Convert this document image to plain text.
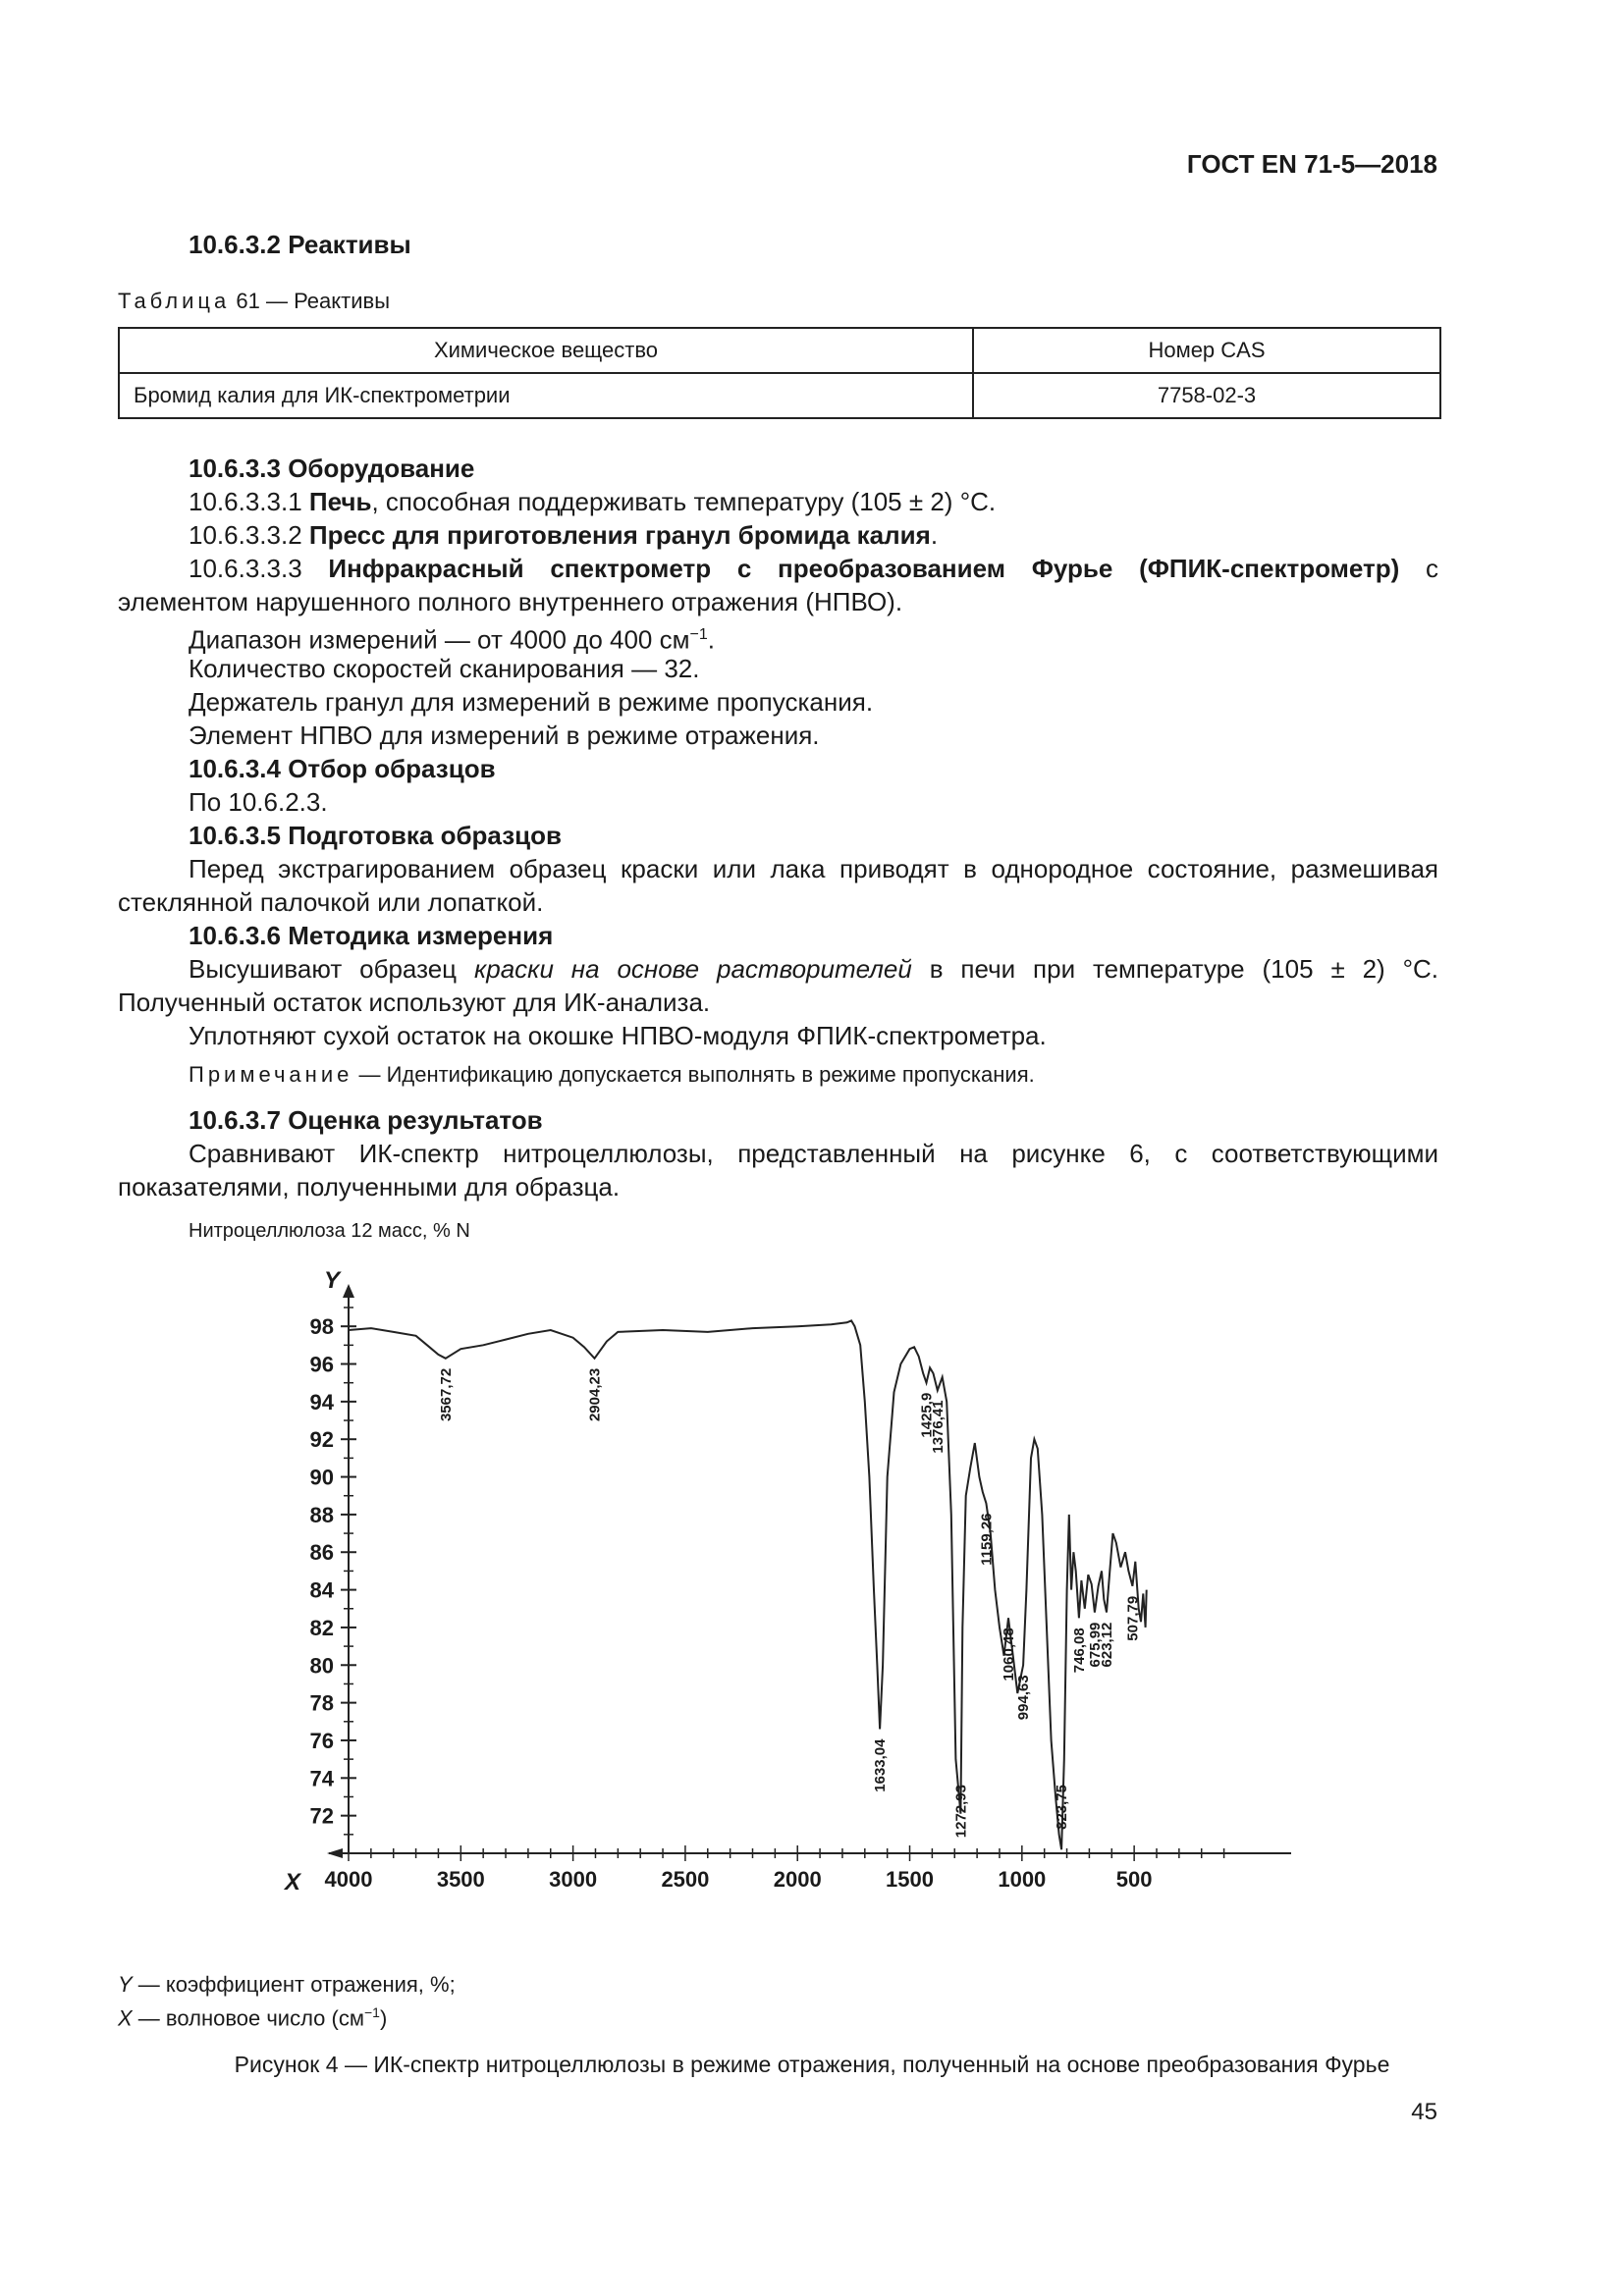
ГОСТ EN 71-5—2018

10.6.3.2 Реактивы

Таблица 61 — Реактивы

Химическое вещество	Номер CAS
Бромид калия для ИК-спектрометрии	7758-02-3

10.6.3.3 Оборудование

10.6.3.3.1 Печь, способная поддерживать температуру (105 ± 2) °С.

10.6.3.3.2 Пресс для приготовления гранул бромида калия.

10.6.3.3.3 Инфракрасный спектрометр с преобразованием Фурье (ФПИК-спектрометр) с элементом нарушенного полного внутреннего отражения (НПВО).

Диапазон измерений — от 4000 до 400 $см^{-1}$.

Количество скоростей сканирования — 32.

Держатель гранул для измерений в режиме пропускания.

Элемент НПВО для измерений в режиме отражения.

10.6.3.4 Отбор образцов

По 10.6.2.3.

10.6.3.5 Подготовка образцов

Перед экстрагированием образец краски или лака приводят в однородное состояние, размешивая стеклянной палочкой или лопаткой.

10.6.3.6 Методика измерения

Высушивают образец краски на основе растворителей в печи при температуре (105 ± 2) °С. Полученный остаток используют для ИК-анализа.

Уплотняют сухой остаток на окошке НПВО-модуля ФПИК-спектрометра.

Примечание — Идентификацию допускается выполнять в режиме пропускания.

10.6.3.7 Оценка результатов

Сравнивают ИК-спектр нитроцеллюлозы, представленный на рисунке 6, с соответствующими показателями, полученными для образца.

Нитроцеллюлоза 12 масс, % N
Y
X
98
96
94
92
90
88
86
84
82
80
78
76
74
72
4000	3500	3000	2500	2000	1500	1000	500
3567,72	2904,23
1633,04
1425,9
1376,41
1272,93
1159,26
1060,48
994,63
823,75
746,08 675,99
623,12
507,79
Y — коэффициент отражения, %;
X — волновое число $(см^{-1})$
Рисунок 4 — ИК-спектр нитроцеллюлозы в режиме отражения, полученный на основе преобразования Фурье
45
